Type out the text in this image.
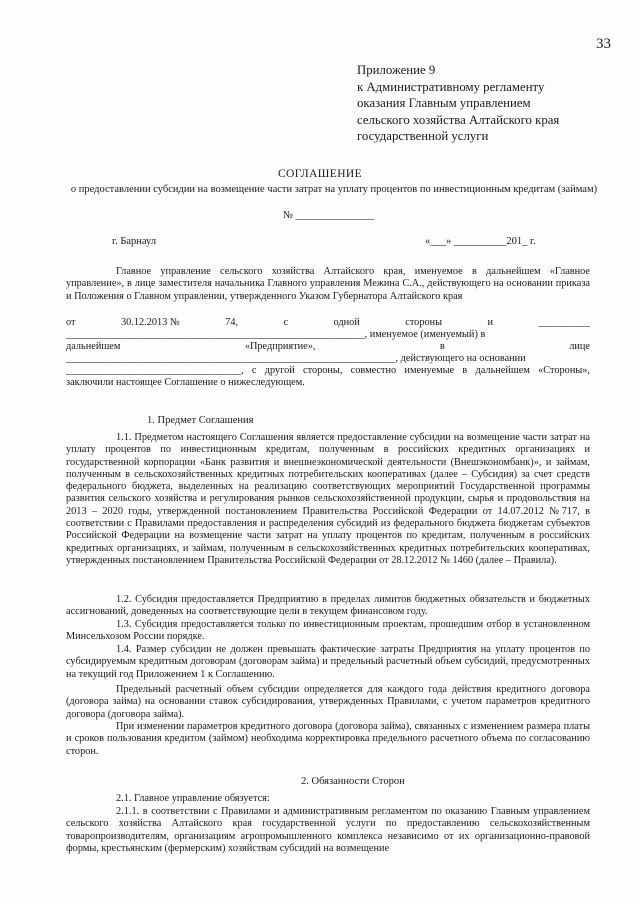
33
Приложение 9
к Административному регламенту
оказания Главным управлением
сельского хозяйства Алтайского края
государственной услуги
СОГЛАШЕНИЕ
о предоставлении субсидии на возмещение части затрат на уплату процентов по инвестиционным кредитам (займам)
№ _______________
г. Барнаул	«___» __________201_ г.
Главное управление сельского хозяйства Алтайского края, именуемое в дальнейшем «Главное управление», в лице заместителя начальника Главного управления Межина С.А., действующего на основании приказа и Положения о Главном управлении, утвержденного Указом Губернатора Алтайского края
от	30.12.2013 №	74,	с	одной	стороны	и	__________
__________________________________________________________, именуемое (именуемый) в
дальнейшем	«Предприятие»,	в	лице
________________________________________________________________, действующего на основании
__________________________________, с другой стороны, совместно именуемые в дальнейшем «Стороны», заключили настоящее Соглашение о нижеследующем.
1. Предмет Соглашения
1.1. Предметом настоящего Соглашения является предоставление субсидии на возмещение части затрат на уплату процентов по инвестиционным кредитам, полученным в российских кредитных организациях и государственной корпорации «Банк развития и внешнеэкономической деятельности (Внешэкономбанк)», и займам, полученным в сельскохозяйственных кредитных потребительских кооперативах (далее – Субсидия) за счет средств федерального бюджета, выделенных на реализацию соответствующих мероприятий Государственной программы развития сельского хозяйства и регулирования рынков сельскохозяйственной продукции, сырья и продовольствия на 2013 – 2020 годы, утвержденной постановлением Правительства Российской Федерации от 14.07.2012 №717, в соответствии с Правилами предоставления и распределения субсидий из федерального бюджета бюджетам субъектов Российской Федерации на возмещение части затрат на уплату процентов по кредитам, полученным в российских кредитных организациях, и займам, полученным в сельскохозяйственных кредитных потребительских кооперативах, утвержденных постановлением Правительства Российской Федерации от 28.12.2012 № 1460 (далее – Правила).
1.2. Субсидия предоставляется Предприятию в пределах лимитов бюджетных обязательств и бюджетных ассигнований, доведенных на соответствующие цели в текущем финансовом году.
1.3. Субсидия предоставляется только по инвестиционным проектам, прошедшим отбор в установленном Минсельхозом России порядке.
1.4. Размер субсидии не должен превышать фактические затраты Предприятия на уплату процентов по субсидируемым кредитным договорам (договорам займа) и предельный расчетный объем субсидий, предусмотренных на текущий год Приложением 1 к Соглашению.
Предельный расчетный объем субсидии определяется для каждого года действия кредитного договора (договора займа) на основании ставок субсидирования, утвержденных Правилами, с учетом параметров кредитного договора (договора займа).
При изменении параметров кредитного договора (договора займа), связанных с изменением размера платы и сроков пользования кредитом (займом) необходима корректировка предельного расчетного объема по согласованию сторон.
2. Обязанности Сторон
2.1. Главное управление обязуется:
2.1.1. в соответствии с Правилами и административным регламентом по оказанию Главным управлением сельского хозяйства Алтайского края государственной услуги по предоставлению сельскохозяйственным товаропроизводителям, организациям агропромышленного комплекса независимо от их организационно-правовой формы, крестьянским (фермерским) хозяйствам субсидий на возмещение
